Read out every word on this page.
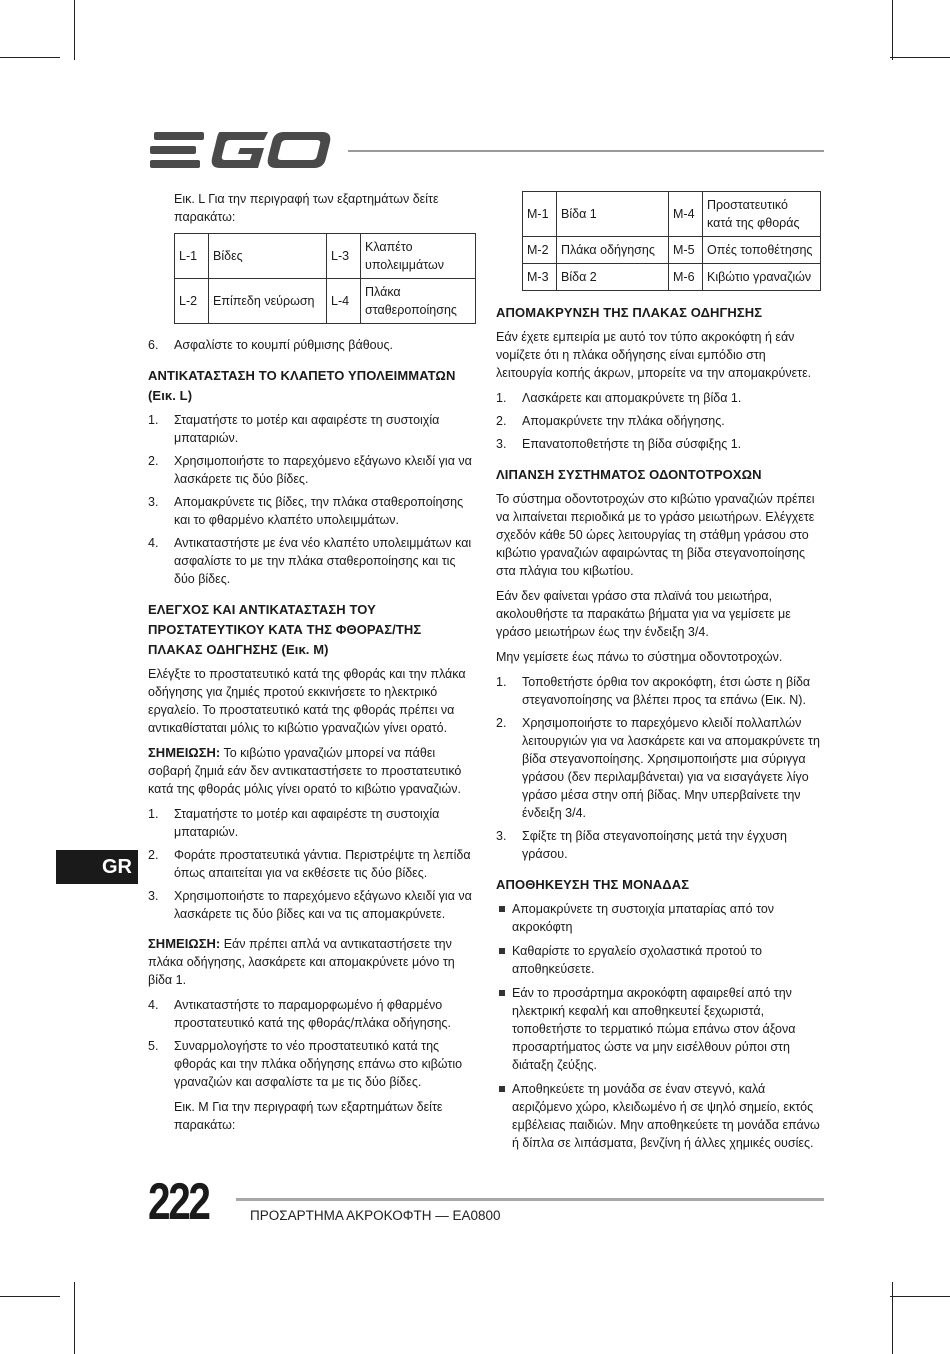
Εικ. L Για την περιγραφή των εξαρτημάτων δείτε παρακάτω:

L-1	Βίδες	L-3	Κλαπέτο υπολειμμάτων
L-2	Επίπεδη νεύρωση	L-4	Πλάκα σταθεροποίησης
6. Ασφαλίστε το κουμπί ρύθμισης βάθους.
ΑΝΤΙΚΑΤΑΣΤΑΣΗ ΤΟ ΚΛΑΠΕΤΟ ΥΠΟΛΕΙΜΜΑΤΩΝ (Εικ. L)
1. Σταματήστε το μοτέρ και αφαιρέστε τη συστοιχία μπαταριών.
2. Χρησιμοποιήστε το παρεχόμενο εξάγωνο κλειδί για να λασκάρετε τις δύο βίδες.
3. Απομακρύνετε τις βίδες, την πλάκα σταθεροποίησης και το φθαρμένο κλαπέτο υπολειμμάτων.
4. Αντικαταστήστε με ένα νέο κλαπέτο υπολειμμάτων και ασφαλίστε το με την πλάκα σταθεροποίησης και τις δύο βίδες.
ΕΛΕΓΧΟΣ ΚΑΙ ΑΝΤΙΚΑΤΑΣΤΑΣΗ ΤΟΥ ΠΡΟΣΤΑΤΕΥΤΙΚΟΥ ΚΑΤΑ ΤΗΣ ΦΘΟΡΑΣ/ΤΗΣ ΠΛΑΚΑΣ ΟΔΗΓΗΣΗΣ (Εικ. M)

Ελέγξτε το προστατευτικό κατά της φθοράς και την πλάκα οδήγησης για ζημιές προτού εκκινήσετε το ηλεκτρικό εργαλείο. Το προστατευτικό κατά της φθοράς πρέπει να αντικαθίσταται μόλις το κιβώτιο γραναζιών γίνει ορατό.

ΣΗΜΕΙΩΣΗ: Το κιβώτιο γραναζιών μπορεί να πάθει σοβαρή ζημιά εάν δεν αντικαταστήσετε το προστατευτικό κατά της φθοράς μόλις γίνει ορατό το κιβώτιο γραναζιών.

1. Σταματήστε το μοτέρ και αφαιρέστε τη συστοιχία μπαταριών.
2. Φοράτε προστατευτικά γάντια. Περιστρέψτε τη λεπίδα όπως απαιτείται για να εκθέσετε τις δύο βίδες.
3. Χρησιμοποιήστε το παρεχόμενο εξάγωνο κλειδί για να λασκάρετε τις δύο βίδες και να τις απομακρύνετε.

ΣΗΜΕΙΩΣΗ: Εάν πρέπει απλά να αντικαταστήσετε την πλάκα οδήγησης, λασκάρετε και απομακρύνετε μόνο τη βίδα 1.

4. Αντικαταστήστε το παραμορφωμένο ή φθαρμένο προστατευτικό κατά της φθοράς/πλάκα οδήγησης.
5. Συναρμολογήστε το νέο προστατευτικό κατά της φθοράς και την πλάκα οδήγησης επάνω στο κιβώτιο γραναζιών και ασφαλίστε τα με τις δύο βίδες.

Εικ. M Για την περιγραφή των εξαρτημάτων δείτε παρακάτω:

M-1	Βίδα 1	M-4	Προστατευτικό κατά της φθοράς
M-2	Πλάκα οδήγησης	M-5	Οπές τοποθέτησης
M-3	Βίδα 2	M-6	Κιβώτιο γραναζιών
ΑΠΟΜΑΚΡΥΝΣΗ ΤΗΣ ΠΛΑΚΑΣ ΟΔΗΓΗΣΗΣ

Εάν έχετε εμπειρία με αυτό τον τύπο ακροκόφτη ή εάν νομίζετε ότι η πλάκα οδήγησης είναι εμπόδιο στη λειτουργία κοπής άκρων, μπορείτε να την απομακρύνετε.

1. Λασκάρετε και απομακρύνετε τη βίδα 1.
2. Απομακρύνετε την πλάκα οδήγησης.
3. Επανατοποθετήστε τη βίδα σύσφιξης 1.
ΛΙΠΑΝΣΗ ΣΥΣΤΗΜΑΤΟΣ ΟΔΟΝΤΟΤΡΟΧΩΝ

Το σύστημα οδοντοτροχών στο κιβώτιο γραναζιών πρέπει να λιπαίνεται περιοδικά με το γράσο μειωτήρων. Ελέγχετε σχεδόν κάθε 50 ώρες λειτουργίας τη στάθμη γράσου στο κιβώτιο γραναζιών αφαιρώντας τη βίδα στεγανοποίησης στα πλάγια του κιβωτίου.

Εάν δεν φαίνεται γράσο στα πλαϊνά του μειωτήρα, ακολουθήστε τα παρακάτω βήματα για να γεμίσετε με γράσο μειωτήρων έως την ένδειξη 3/4.

Μην γεμίσετε έως πάνω το σύστημα οδοντοτροχών.

1. Τοποθετήστε όρθια τον ακροκόφτη, έτσι ώστε η βίδα στεγανοποίησης να βλέπει προς τα επάνω (Εικ. N).
2. Χρησιμοποιήστε το παρεχόμενο κλειδί πολλαπλών λειτουργιών για να λασκάρετε και να απομακρύνετε τη βίδα στεγανοποίησης. Χρησιμοποιήστε μια σύριγγα γράσου (δεν περιλαμβάνεται) για να εισαγάγετε λίγο γράσο μέσα στην οπή βίδας. Μην υπερβαίνετε την ένδειξη 3/4.
3. Σφίξτε τη βίδα στεγανοποίησης μετά την έγχυση γράσου.
ΑΠΟΘΗΚΕΥΣΗ ΤΗΣ ΜΟΝΑΔΑΣ
Απομακρύνετε τη συστοιχία μπαταρίας από τον ακροκόφτη
Καθαρίστε το εργαλείο σχολαστικά προτού το αποθηκεύσετε.
Εάν το προσάρτημα ακροκόφτη αφαιρεθεί από την ηλεκτρική κεφαλή και αποθηκευτεί ξεχωριστά, τοποθετήστε το τερματικό πώμα επάνω στον άξονα προσαρτήματος ώστε να μην εισέλθουν ρύποι στη διάταξη ζεύξης.
Αποθηκεύετε τη μονάδα σε έναν στεγνό, καλά αεριζόμενο χώρο, κλειδωμένο ή σε ψηλό σημείο, εκτός εμβέλειας παιδιών. Μην αποθηκεύετε τη μονάδα επάνω ή δίπλα σε λιπάσματα, βενζίνη ή άλλες χημικές ουσίες.
GR
222	ΠΡΟΣΑΡΤΗΜΑ ΑΚΡΟΚΟΦΤΗ — EA0800
